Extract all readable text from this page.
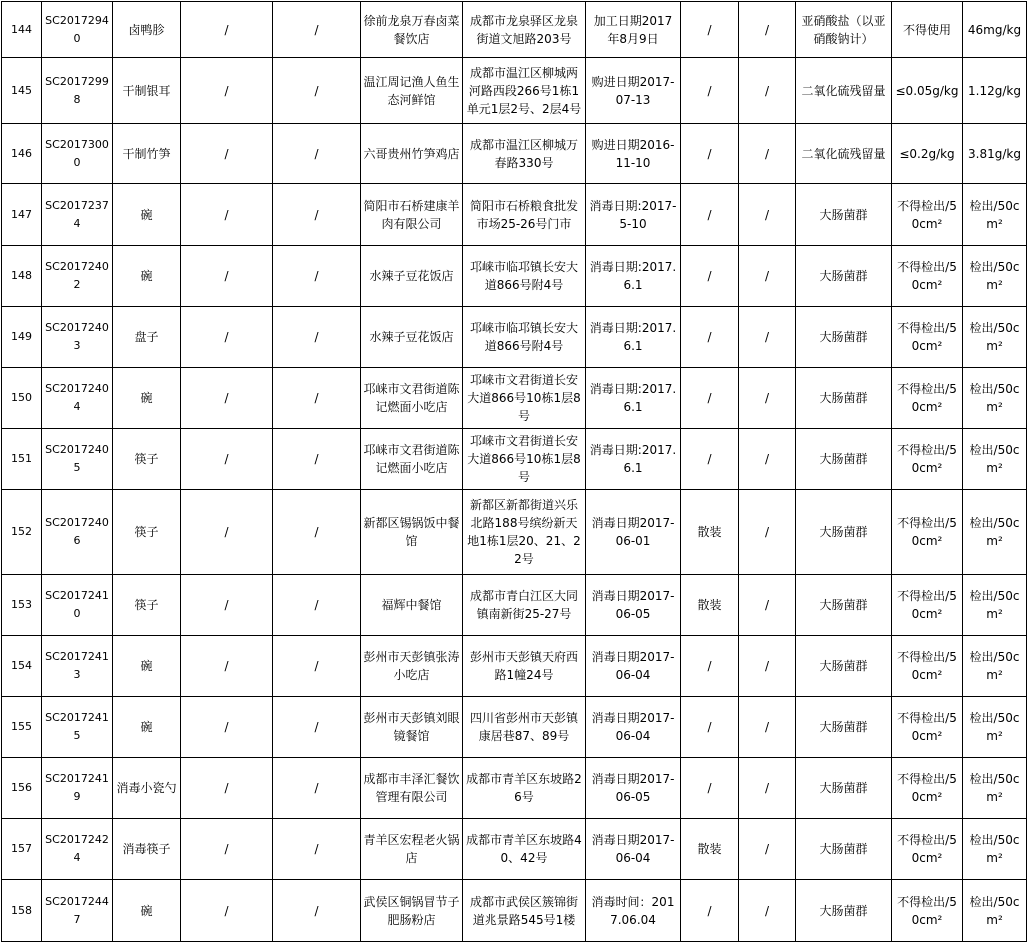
144	SC20172940	卤鸭胗	/	/	徐前龙泉万春卤菜餐饮店	成都市龙泉驿区龙泉街道文旭路203号	加工日期2017年8月9日	/	/	亚硝酸盐（以亚硝酸钠计）	不得使用	46mg/kg
145	SC20172998	干制银耳	/	/	温江周记渔人鱼生态河鲜馆	成都市温江区柳城两河路西段266号1栋1单元1层2号、2层4号	购进日期2017-07-13	/	/	二氧化硫残留量	≤0.05g/kg	1.12g/kg
146	SC20173000	干制竹笋	/	/	六哥贵州竹笋鸡店	成都市温江区柳城万春路330号	购进日期2016-11-10	/	/	二氧化硫残留量	≤0.2g/kg	3.81g/kg
147	SC20172374	碗	/	/	简阳市石桥建康羊肉有限公司	简阳市石桥粮食批发市场25-26号门市	消毒日期:2017-5-10	/	/	大肠菌群	不得检出/50cm²	检出/50cm²
148	SC20172402	碗	/	/	水辣子豆花饭店	邛崃市临邛镇长安大道866号附4号	消毒日期:2017.6.1	/	/	大肠菌群	不得检出/50cm²	检出/50cm²
149	SC20172403	盘子	/	/	水辣子豆花饭店	邛崃市临邛镇长安大道866号附4号	消毒日期:2017.6.1	/	/	大肠菌群	不得检出/50cm²	检出/50cm²
150	SC20172404	碗	/	/	邛崃市文君街道陈记燃面小吃店	邛崃市文君街道长安大道866号10栋1层8号	消毒日期:2017.6.1	/	/	大肠菌群	不得检出/50cm²	检出/50cm²
151	SC20172405	筷子	/	/	邛崃市文君街道陈记燃面小吃店	邛崃市文君街道长安大道866号10栋1层8号	消毒日期:2017.6.1	/	/	大肠菌群	不得检出/50cm²	检出/50cm²
152	SC20172406	筷子	/	/	新都区锡锅饭中餐馆	新都区新都街道兴乐北路188号缤纷新天地1栋1层20、21、22号	消毒日期2017-06-01	散装	/	大肠菌群	不得检出/50cm²	检出/50cm²
153	SC20172410	筷子	/	/	福辉中餐馆	成都市青白江区大同镇南新街25-27号	消毒日期2017-06-05	散装	/	大肠菌群	不得检出/50cm²	检出/50cm²
154	SC20172413	碗	/	/	彭州市天彭镇张涛小吃店	彭州市天彭镇天府西路1幢24号	消毒日期2017-06-04	/	/	大肠菌群	不得检出/50cm²	检出/50cm²
155	SC20172415	碗	/	/	彭州市天彭镇刘眼镜餐馆	四川省彭州市天彭镇康居巷87、89号	消毒日期2017-06-04	/	/	大肠菌群	不得检出/50cm²	检出/50cm²
156	SC20172419	消毒小瓷勺	/	/	成都市丰泽汇餐饮管理有限公司	成都市青羊区东坡路26号	消毒日期2017-06-05	/	/	大肠菌群	不得检出/50cm²	检出/50cm²
157	SC20172424	消毒筷子	/	/	青羊区宏程老火锅店	成都市青羊区东坡路40、42号	消毒日期2017-06-04	散装	/	大肠菌群	不得检出/50cm²	检出/50cm²
158	SC20172447	碗	/	/	武侯区铜锅冒节子肥肠粉店	成都市武侯区簇锦街道兆景路545号1楼	消毒时间：2017.06.04	/	/	大肠菌群	不得检出/50cm²	检出/50cm²
